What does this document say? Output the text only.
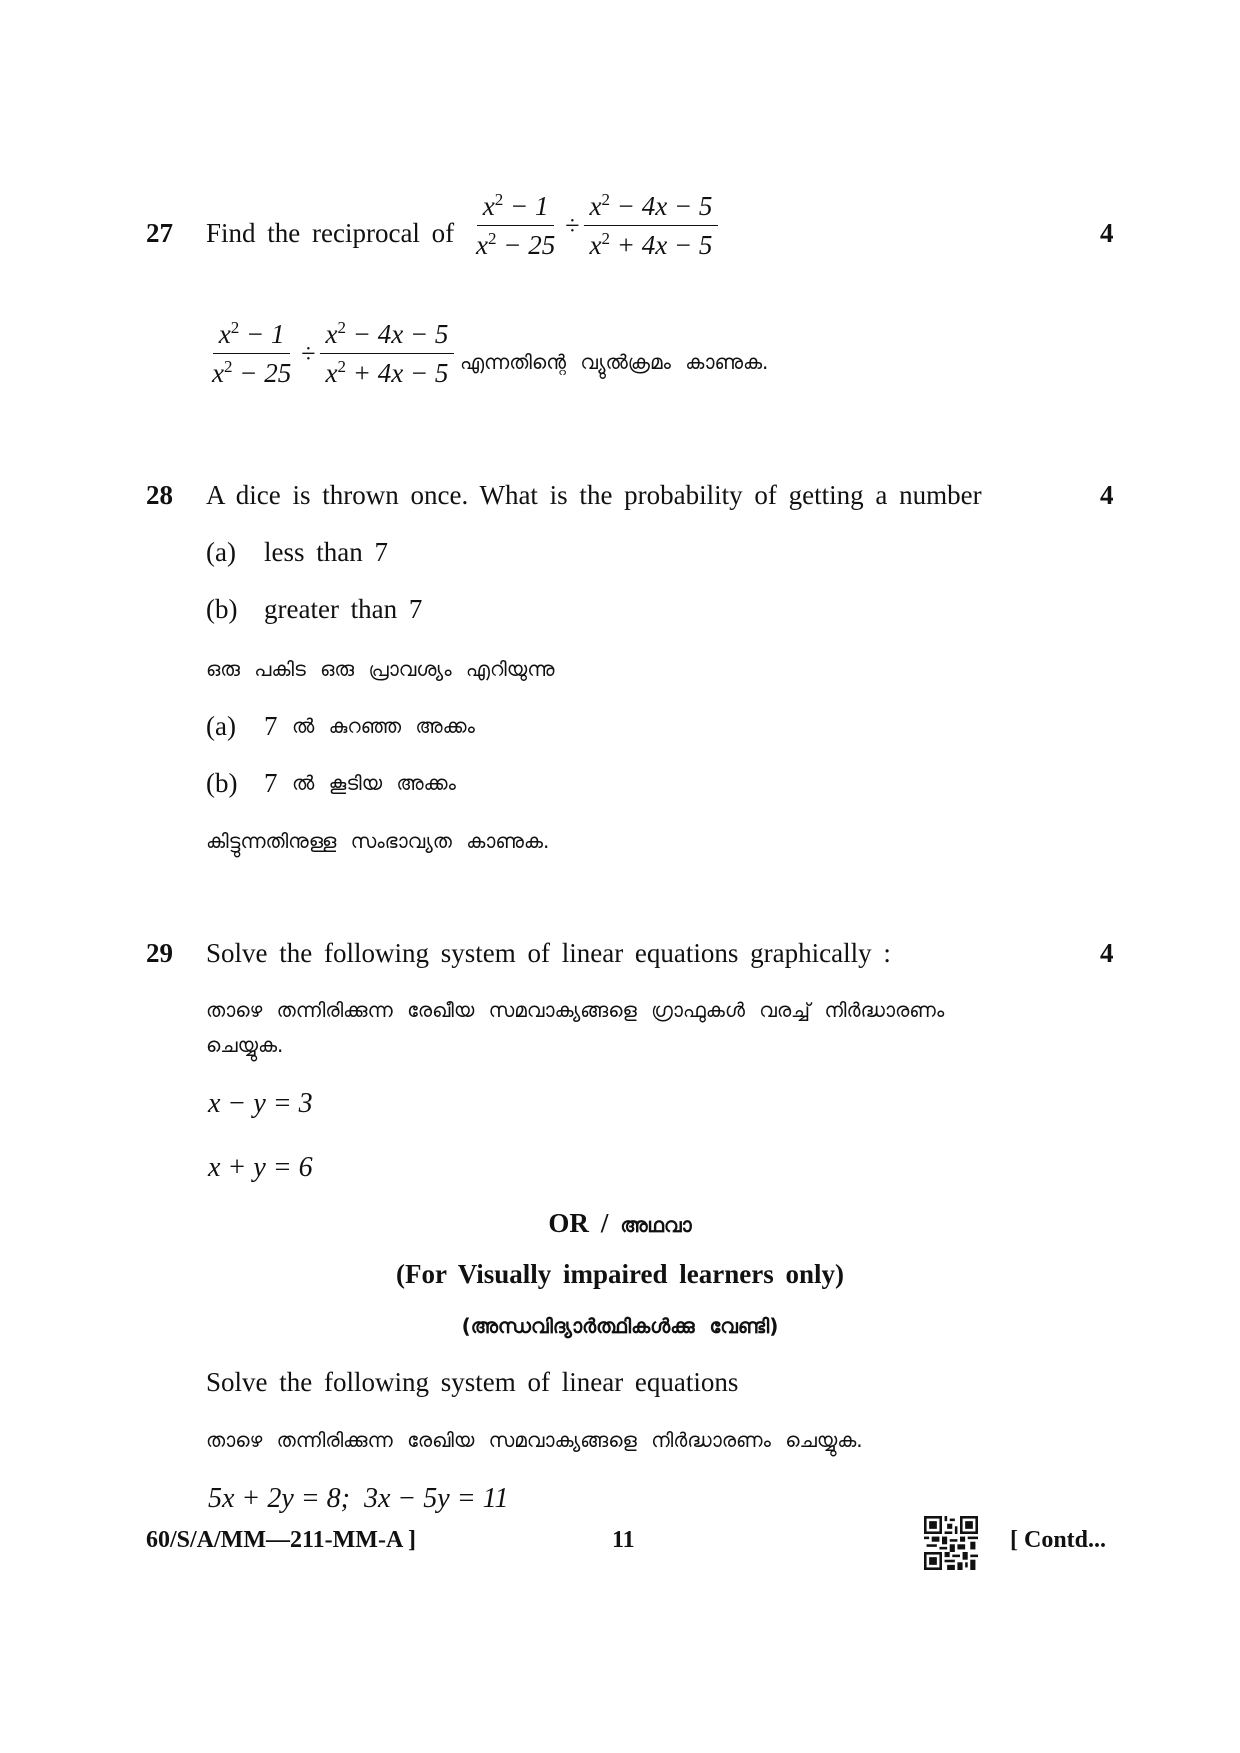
27 Find the reciprocal of $\frac{x^2 - 1}{x^2 - 25} \div \frac{x^2 - 4x - 5}{x^2 + 4x - 5}$	4
$\frac{x^2 - 1}{x^2 - 25} \div \frac{x^2 - 4x - 5}{x^2 + 4x - 5}$ എന്നതിന്റെ വ്യുൽക്രമം കാണുക.
28 A dice is thrown once. What is the probability of getting a number	4
(a) less than 7
(b) greater than 7
ഒരു പകിട ഒരു പ്രാവശ്യം എറിയുന്നു
(a) 7 ൽ കുറഞ്ഞ അക്കം
(b) 7 ൽ കൂടിയ അക്കം
കിട്ടുന്നതിനുള്ള സംഭാവ്യത കാണുക.
29 Solve the following system of linear equations graphically :	4
താഴെ തന്നിരിക്കുന്ന രേഖീയ സമവാക്യങ്ങളെ ഗ്രാഫുകൾ വരച്ച് നിർദ്ധാരണം
ചെയ്യുക.
x − y = 3
x + y = 6
OR / അഥവാ
(For Visually impaired learners only)
(അന്ധവിദ്യാർത്ഥികൾക്കു വേണ്ടി)
Solve the following system of linear equations
താഴെ തന്നിരിക്കുന്ന രേഖിയ സമവാക്യങ്ങളെ നിർദ്ധാരണം ചെയ്യുക.
5x + 2y = 8;  3x − 5y = 11
60/S/A/MM—211-MM-A ]	11	[ Contd...
